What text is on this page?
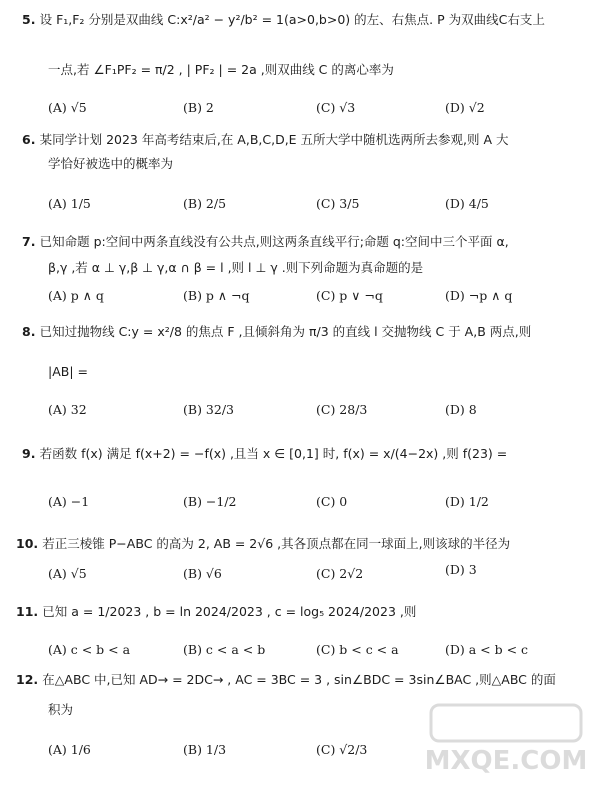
5. 设 F₁,F₂ 分别是双曲线 C:x²/a² − y²/b² = 1(a>0,b>0) 的左、右焦点. P 为双曲线C右支上
一点,若 ∠F₁PF₂ = π/2 , | PF₂ | = 2a ,则双曲线 C 的离心率为
(A) √5	(B) 2	(C) √3	(D) √2
6. 某同学计划 2023 年高考结束后,在 A,B,C,D,E 五所大学中随机选两所去参观,则 A 大
学恰好被选中的概率为
(A) 1/5	(B) 2/5	(C) 3/5	(D) 4/5
7. 已知命题 p:空间中两条直线没有公共点,则这两条直线平行;命题 q:空间中三个平面 α,
β,γ ,若 α ⊥ γ,β ⊥ γ,α ∩ β = l ,则 l ⊥ γ .则下列命题为真命题的是
(A) p ∧ q	(B) p ∧ ¬q	(C) p ∨ ¬q	(D) ¬p ∧ q
8. 已知过抛物线 C:y = x²/8 的焦点 F ,且倾斜角为 π/3 的直线 l 交抛物线 C 于 A,B 两点,则
|AB| =
(A) 32	(B) 32/3	(C) 28/3	(D) 8
9. 若函数 f(x) 满足 f(x+2) = −f(x) ,且当 x ∈ [0,1] 时, f(x) = x/(4−2x) ,则 f(23) =
(A) −1	(B) −1/2	(C) 0	(D) 1/2
10. 若正三棱锥 P−ABC 的高为 2, AB = 2√6 ,其各顶点都在同一球面上,则该球的半径为
(A) √5	(B) √6	(C) 2√2	(D) 3
11. 已知 a = 1/2023 , b = ln 2024/2023 , c = log₅ 2024/2023 ,则
(A) c < b < a	(B) c < a < b	(C) b < c < a	(D) a < b < c
12. 在△ABC 中,已知 AD→ = 2DC→ , AC = 3BC = 3 , sin∠BDC = 3sin∠BAC ,则△ABC 的面
积为
(A) 1/6	(B) 1/3	(C) √2/3 MXQE.COM
